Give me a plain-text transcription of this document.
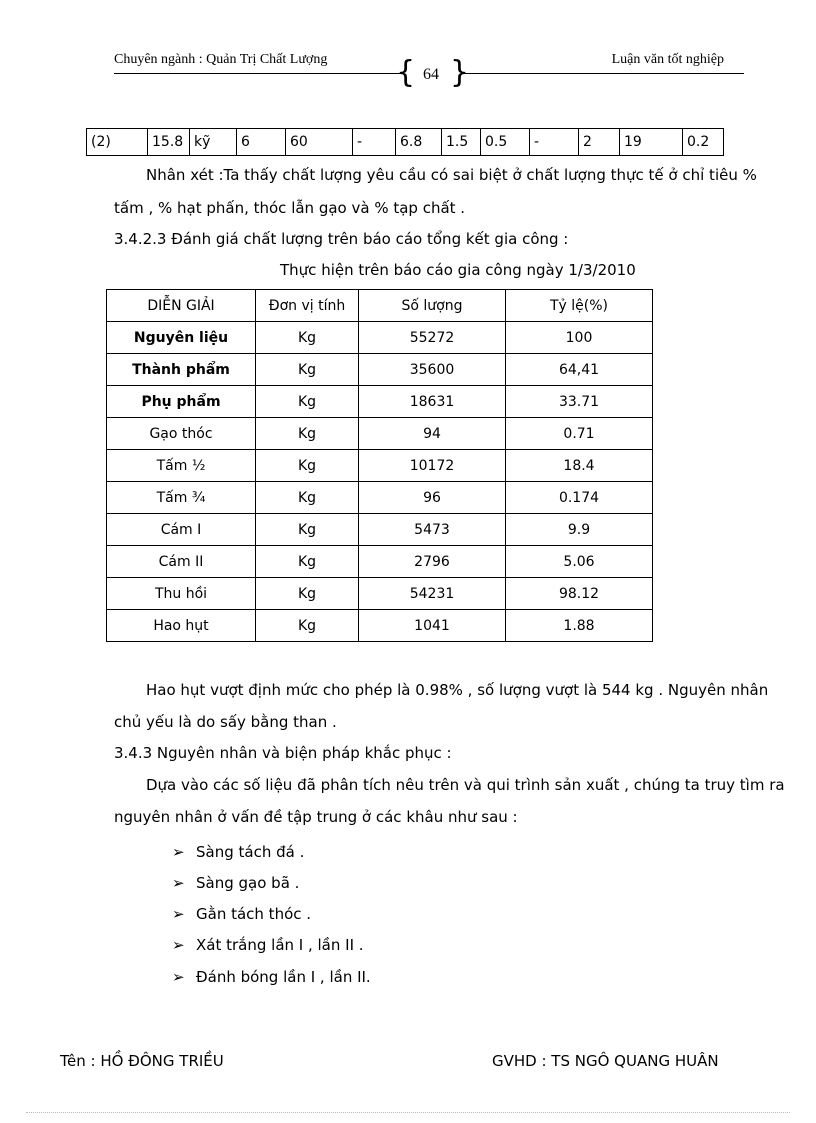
Chuyên ngành : Quản Trị Chất Lượng	Luận văn tốt nghiệp
{ }
64
(2)	15.8	kỹ	6	60	-	6.8	1.5	0.5	-	2	19	0.2
Nhân xét :Ta thấy chất lượng yêu cầu có sai biệt ở chất lượng thực tế ở chỉ tiêu %
tấm , % hạt phấn, thóc lẫn gạo và % tạp chất .
3.4.2.3 Đánh giá chất lượng trên báo cáo tổng kết gia công :
Thực hiện trên báo cáo gia công ngày 1/3/2010
DIỄN GIẢI	Đơn vị tính	Số lượng	Tỷ lệ(%)
Nguyên liệu	Kg	55272	100
Thành phẩm	Kg	35600	64,41
Phụ phẩm	Kg	18631	33.71
Gạo thóc	Kg	94	0.71
Tấm ½	Kg	10172	18.4
Tấm ¾	Kg	96	0.174
Cám I	Kg	5473	9.9
Cám II	Kg	2796	5.06
Thu hồi	Kg	54231	98.12
Hao hụt	Kg	1041	1.88
Hao hụt vượt định mức cho phép là 0.98% , số lượng vượt là 544 kg . Nguyên nhân
chủ yếu là do sấy bằng than .
3.4.3 Nguyên nhân và biện pháp khắc phục :
Dựa vào các số liệu đã phân tích nêu trên và qui trình sản xuất , chúng ta truy tìm ra
nguyên nhân ở vấn đề tập trung ở các khâu như sau :
➢ Sàng tách đá .
➢ Sàng gạo bã .
➢ Gằn tách thóc .
➢ Xát trắng lần I , lần II .
➢ Đánh bóng lần I , lần II.
Tên : HỒ ĐÔNG TRIỀU	GVHD : TS NGÔ QUANG HUÂN
